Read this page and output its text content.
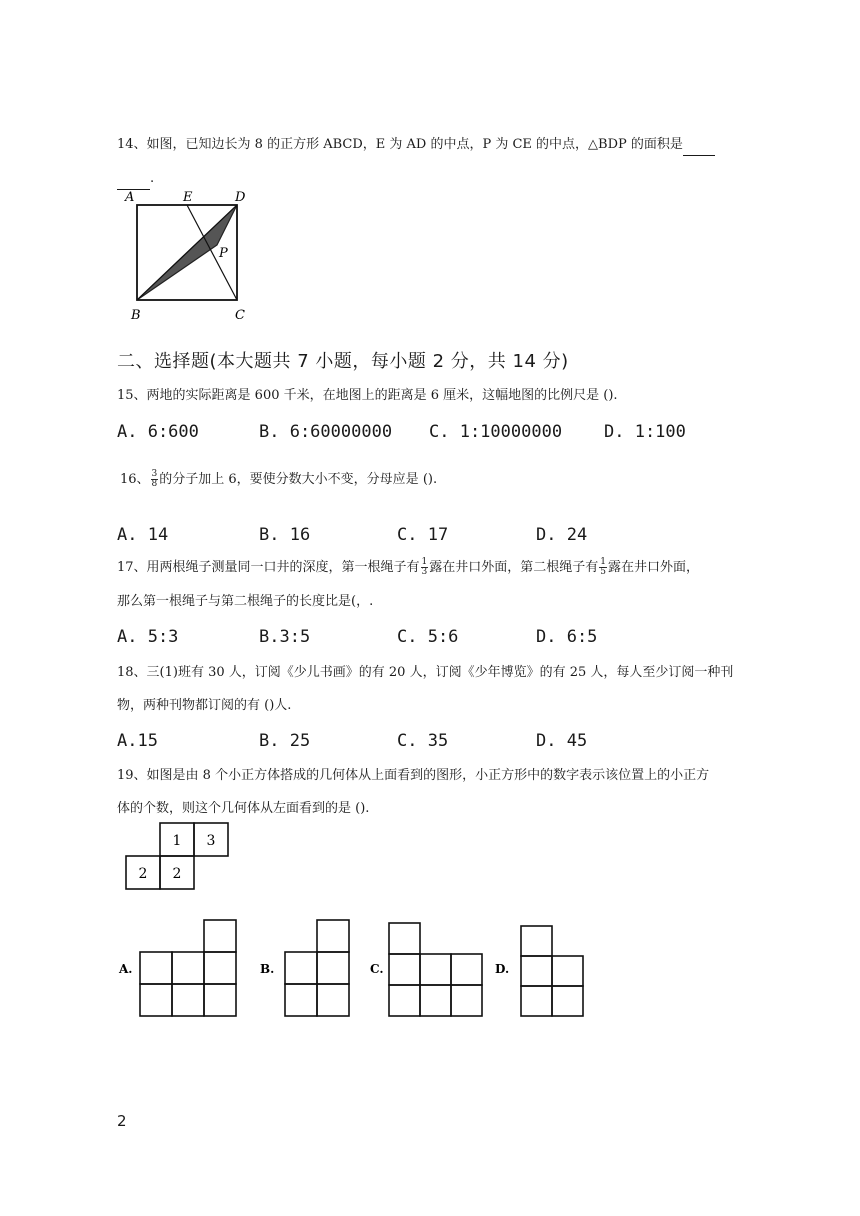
14、如图，已知边长为 8 的正方形 ABCD，E 为 AD 的中点，P 为 CE 的中点，△BDP 的面积是
.
A	E	D
P
B	C
二、选择题(本大题共 7 小题，每小题 2 分，共 14 分)
15、两地的实际距离是 600 千米，在地图上的距离是 6 厘米，这幅地图的比例尺是 ().
A. 6:600	B. 6:60000000 C. 1:10000000 D. 1:100
16、 $\frac{3}{8}$ 的分子加上 6，要使分数大小不变，分母应是 ().
A. 14	B. 16	C. 17	D. 24
17、用两根绳子测量同一口井的深度，第一根绳子有 $\frac{1}{3}$ 露在井口外面，第二根绳子有 $\frac{1}{5}$ 露在井口外面，
那么第一根绳子与第二根绳子的长度比是(，.
A. 5:3	B.3:5	C. 5:6	D. 6:5
18、三(1)班有 30 人，订阅《少儿书画》的有 20 人，订阅《少年博览》的有 25 人，每人至少订阅一种刊
物，两种刊物都订阅的有 ()人.
A.15	B. 25	C. 35	D. 45
19、如图是由 8 个小正方体搭成的几何体从上面看到的图形，小正方形中的数字表示该位置上的小正方
体的个数，则这个几何体从左面看到的是 ().
1 3
2 2
A.	B.	C.	D.
2
